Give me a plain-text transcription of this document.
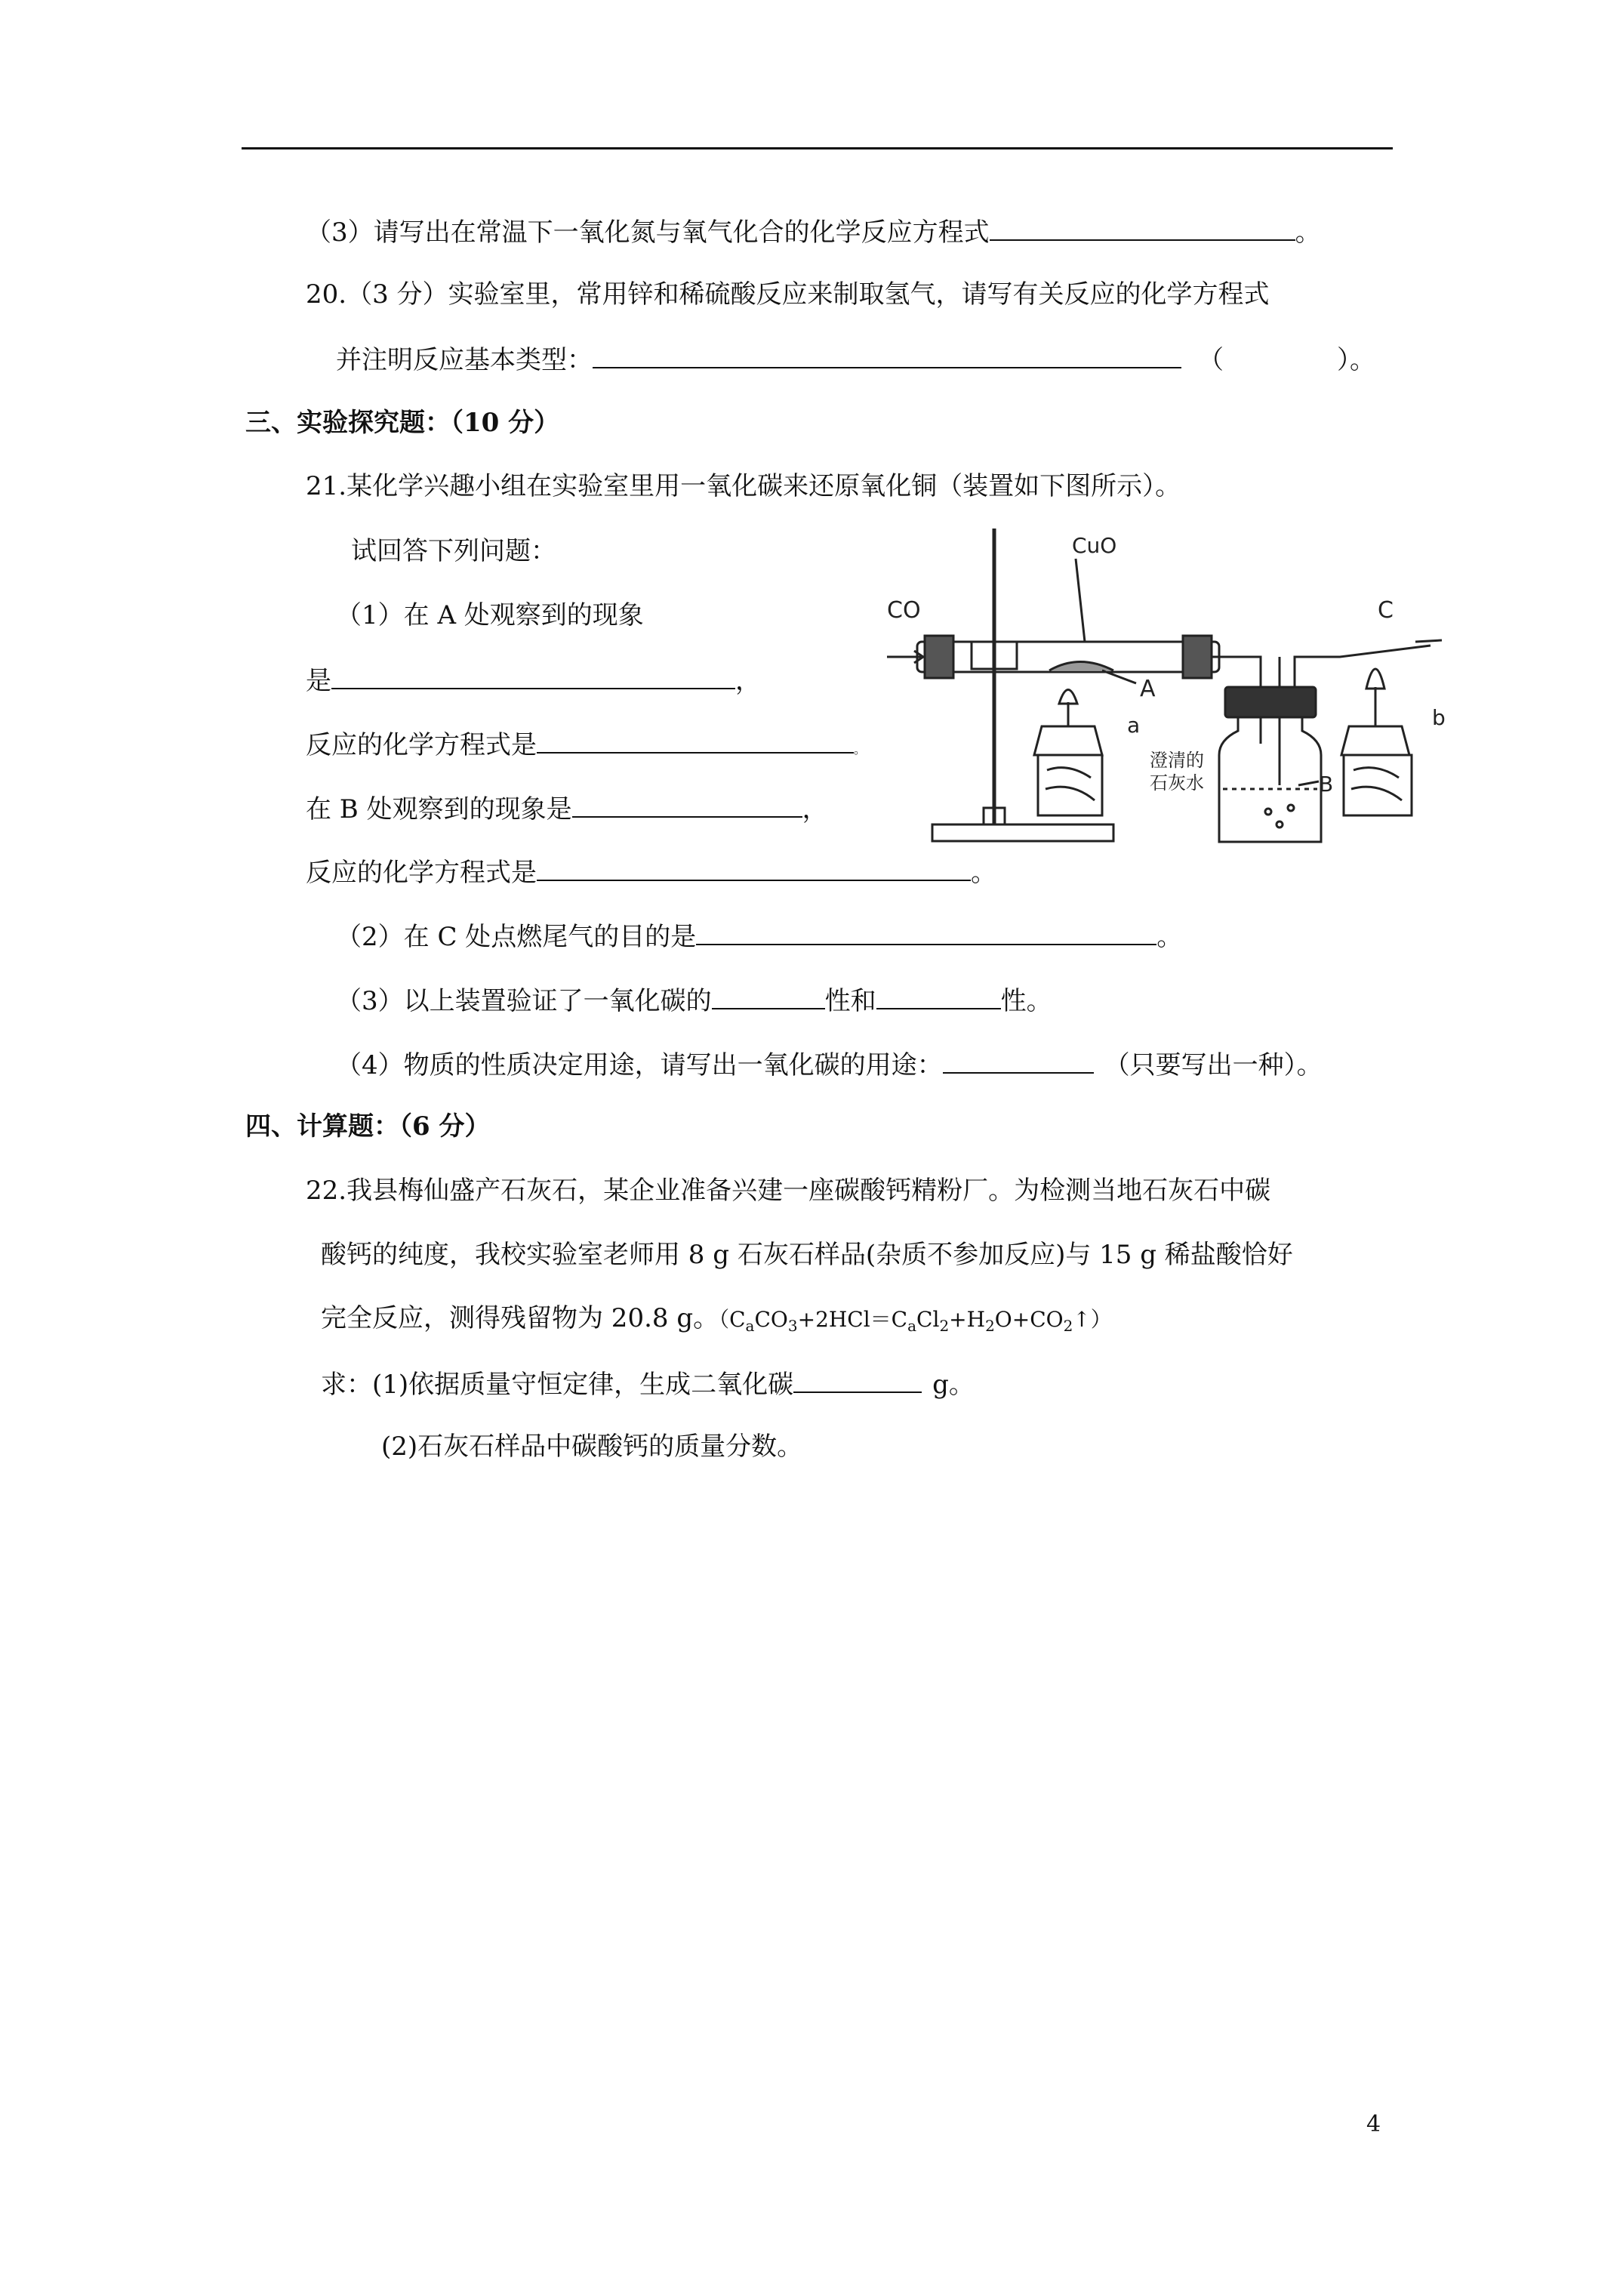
（3）请写出在常温下一氧化氮与氧气化合的化学反应方程式	。
20.（3 分）实验室里，常用锌和稀硫酸反应来制取氢气，请写有关反应的化学方程式
并注明反应基本类型：	（	）。
三、实验探究题：（10 分）
21.某化学兴趣小组在实验室里用一氧化碳来还原氧化铜（装置如下图所示）。
试回答下列问题：
（1）在 A 处观察到的现象
是	，
反应的化学方程式是	。
在 B 处观察到的现象是	，
反应的化学方程式是	。
（2）在 C 处点燃尾气的目的是	。
（3）以上装置验证了一氧化碳的	性和	性。
（4）物质的性质决定用途，请写出一氧化碳的用途：	（只要写出一种）。
CO
CuO
A
a
C
b
B
澄清的
石灰水
四、计算题：（6 分）
22.我县梅仙盛产石灰石，某企业准备兴建一座碳酸钙精粉厂。为检测当地石灰石中碳
酸钙的纯度，我校实验室老师用 8 g 石灰石样品(杂质不参加反应)与 15 g 稀盐酸恰好
完全反应，测得残留物为 20.8 g。$(C_aCO_3+2HCl=C_aCl_2+H_2O+CO_2↑)$
求：(1)依据质量守恒定律，生成二氧化碳	g。
(2)石灰石样品中碳酸钙的质量分数。
4
